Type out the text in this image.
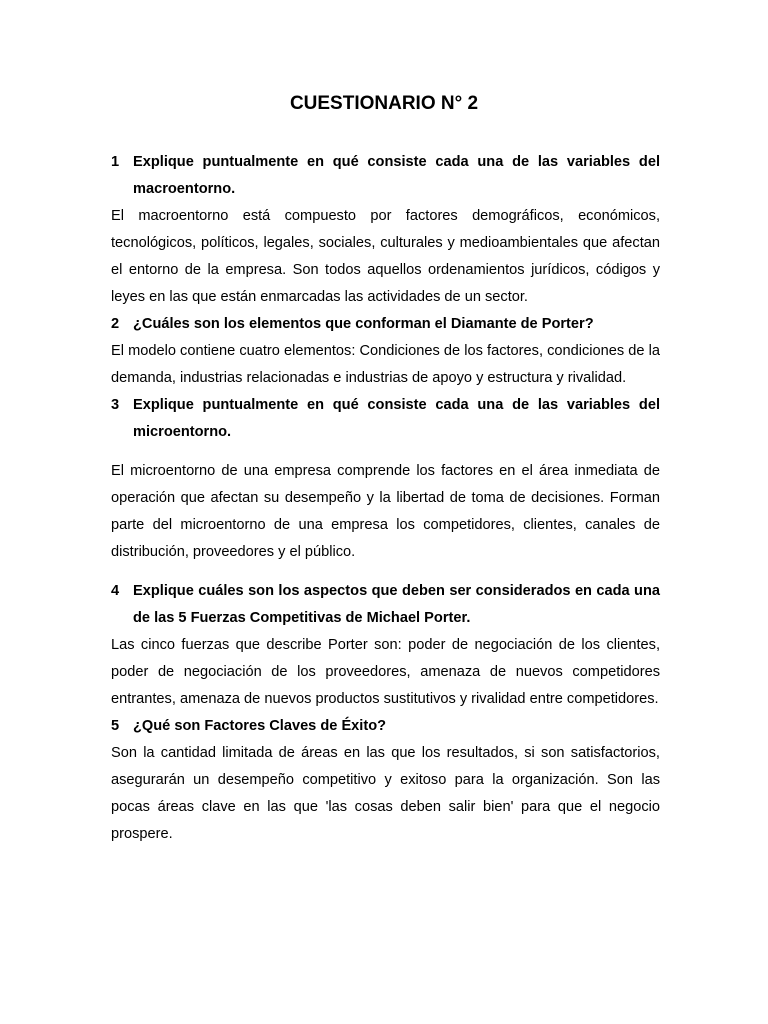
CUESTIONARIO N° 2
1 Explique puntualmente en qué consiste cada una de las variables del macroentorno.

El macroentorno está compuesto por factores demográficos, económicos, tecnológicos, políticos, legales, sociales, culturales y medioambientales que afectan el entorno de la empresa. Son todos aquellos ordenamientos jurídicos, códigos y leyes en las que están enmarcadas las actividades de un sector.

2 ¿Cuáles son los elementos que conforman el Diamante de Porter?

El modelo contiene cuatro elementos: Condiciones de los factores, condiciones de la demanda, industrias relacionadas e industrias de apoyo y estructura y rivalidad.

3 Explique puntualmente en qué consiste cada una de las variables del microentorno.

El microentorno de una empresa comprende los factores en el área inmediata de operación que afectan su desempeño y la libertad de toma de decisiones. Forman parte del microentorno de una empresa los competidores, clientes, canales de distribución, proveedores y el público.

4 Explique cuáles son los aspectos que deben ser considerados en cada una de las 5 Fuerzas Competitivas de Michael Porter.

Las cinco fuerzas que describe Porter son: poder de negociación de los clientes, poder de negociación de los proveedores, amenaza de nuevos competidores entrantes, amenaza de nuevos productos sustitutivos y rivalidad entre competidores.

5 ¿Qué son Factores Claves de Éxito?

Son la cantidad limitada de áreas en las que los resultados, si son satisfactorios, asegurarán un desempeño competitivo y exitoso para la organización. Son las pocas áreas clave en las que 'las cosas deben salir bien' para que el negocio prospere.
